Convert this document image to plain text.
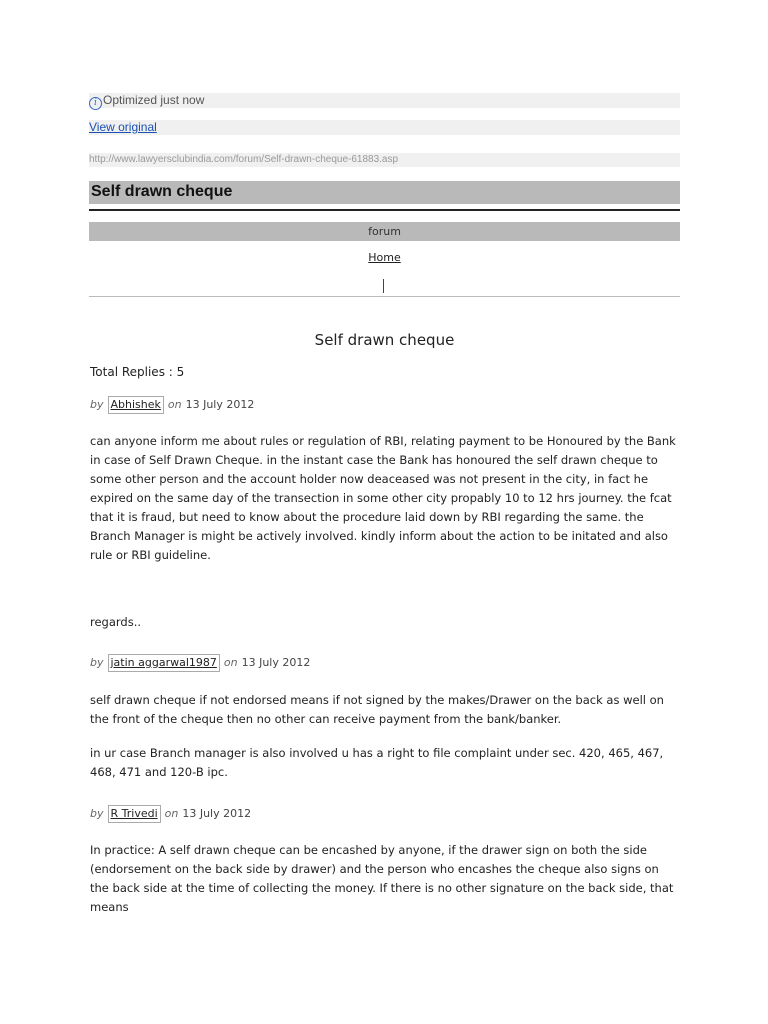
i Optimized just now
View original
http://www.lawyersclubindia.com/forum/Self-drawn-cheque-61883.asp
Self drawn cheque
forum
Home
Self drawn cheque
Total Replies : 5
by Abhishek on 13 July 2012
can anyone inform me about rules or regulation of RBI, relating payment to be Honoured by the Bank in case of Self Drawn Cheque. in the instant case the Bank has honoured the self drawn cheque to some other person and the account holder now deaceased was not present in the city, in fact he expired on the same day of the transection in some other city propably 10 to 12 hrs journey. the fcat that it is fraud, but need to know about the procedure laid down by RBI regarding the same. the Branch Manager is might be actively involved. kindly inform about the action to be initated and also rule or RBI guideline.
regards..
by jatin aggarwal1987 on 13 July 2012
self drawn cheque if not endorsed means if not signed by the makes/Drawer on the back as well on the front of the cheque then no other can receive payment from the bank/banker.
in ur case Branch manager is also involved u has a right to file complaint under sec. 420, 465, 467, 468, 471 and 120-B ipc.
by R Trivedi on 13 July 2012
In practice: A self drawn cheque can be encashed by anyone, if the drawer sign on both the side (endorsement on the back side by drawer) and the person who encashes the cheque also signs on the back side at the time of collecting the money. If there is no other signature on the back side, that means
